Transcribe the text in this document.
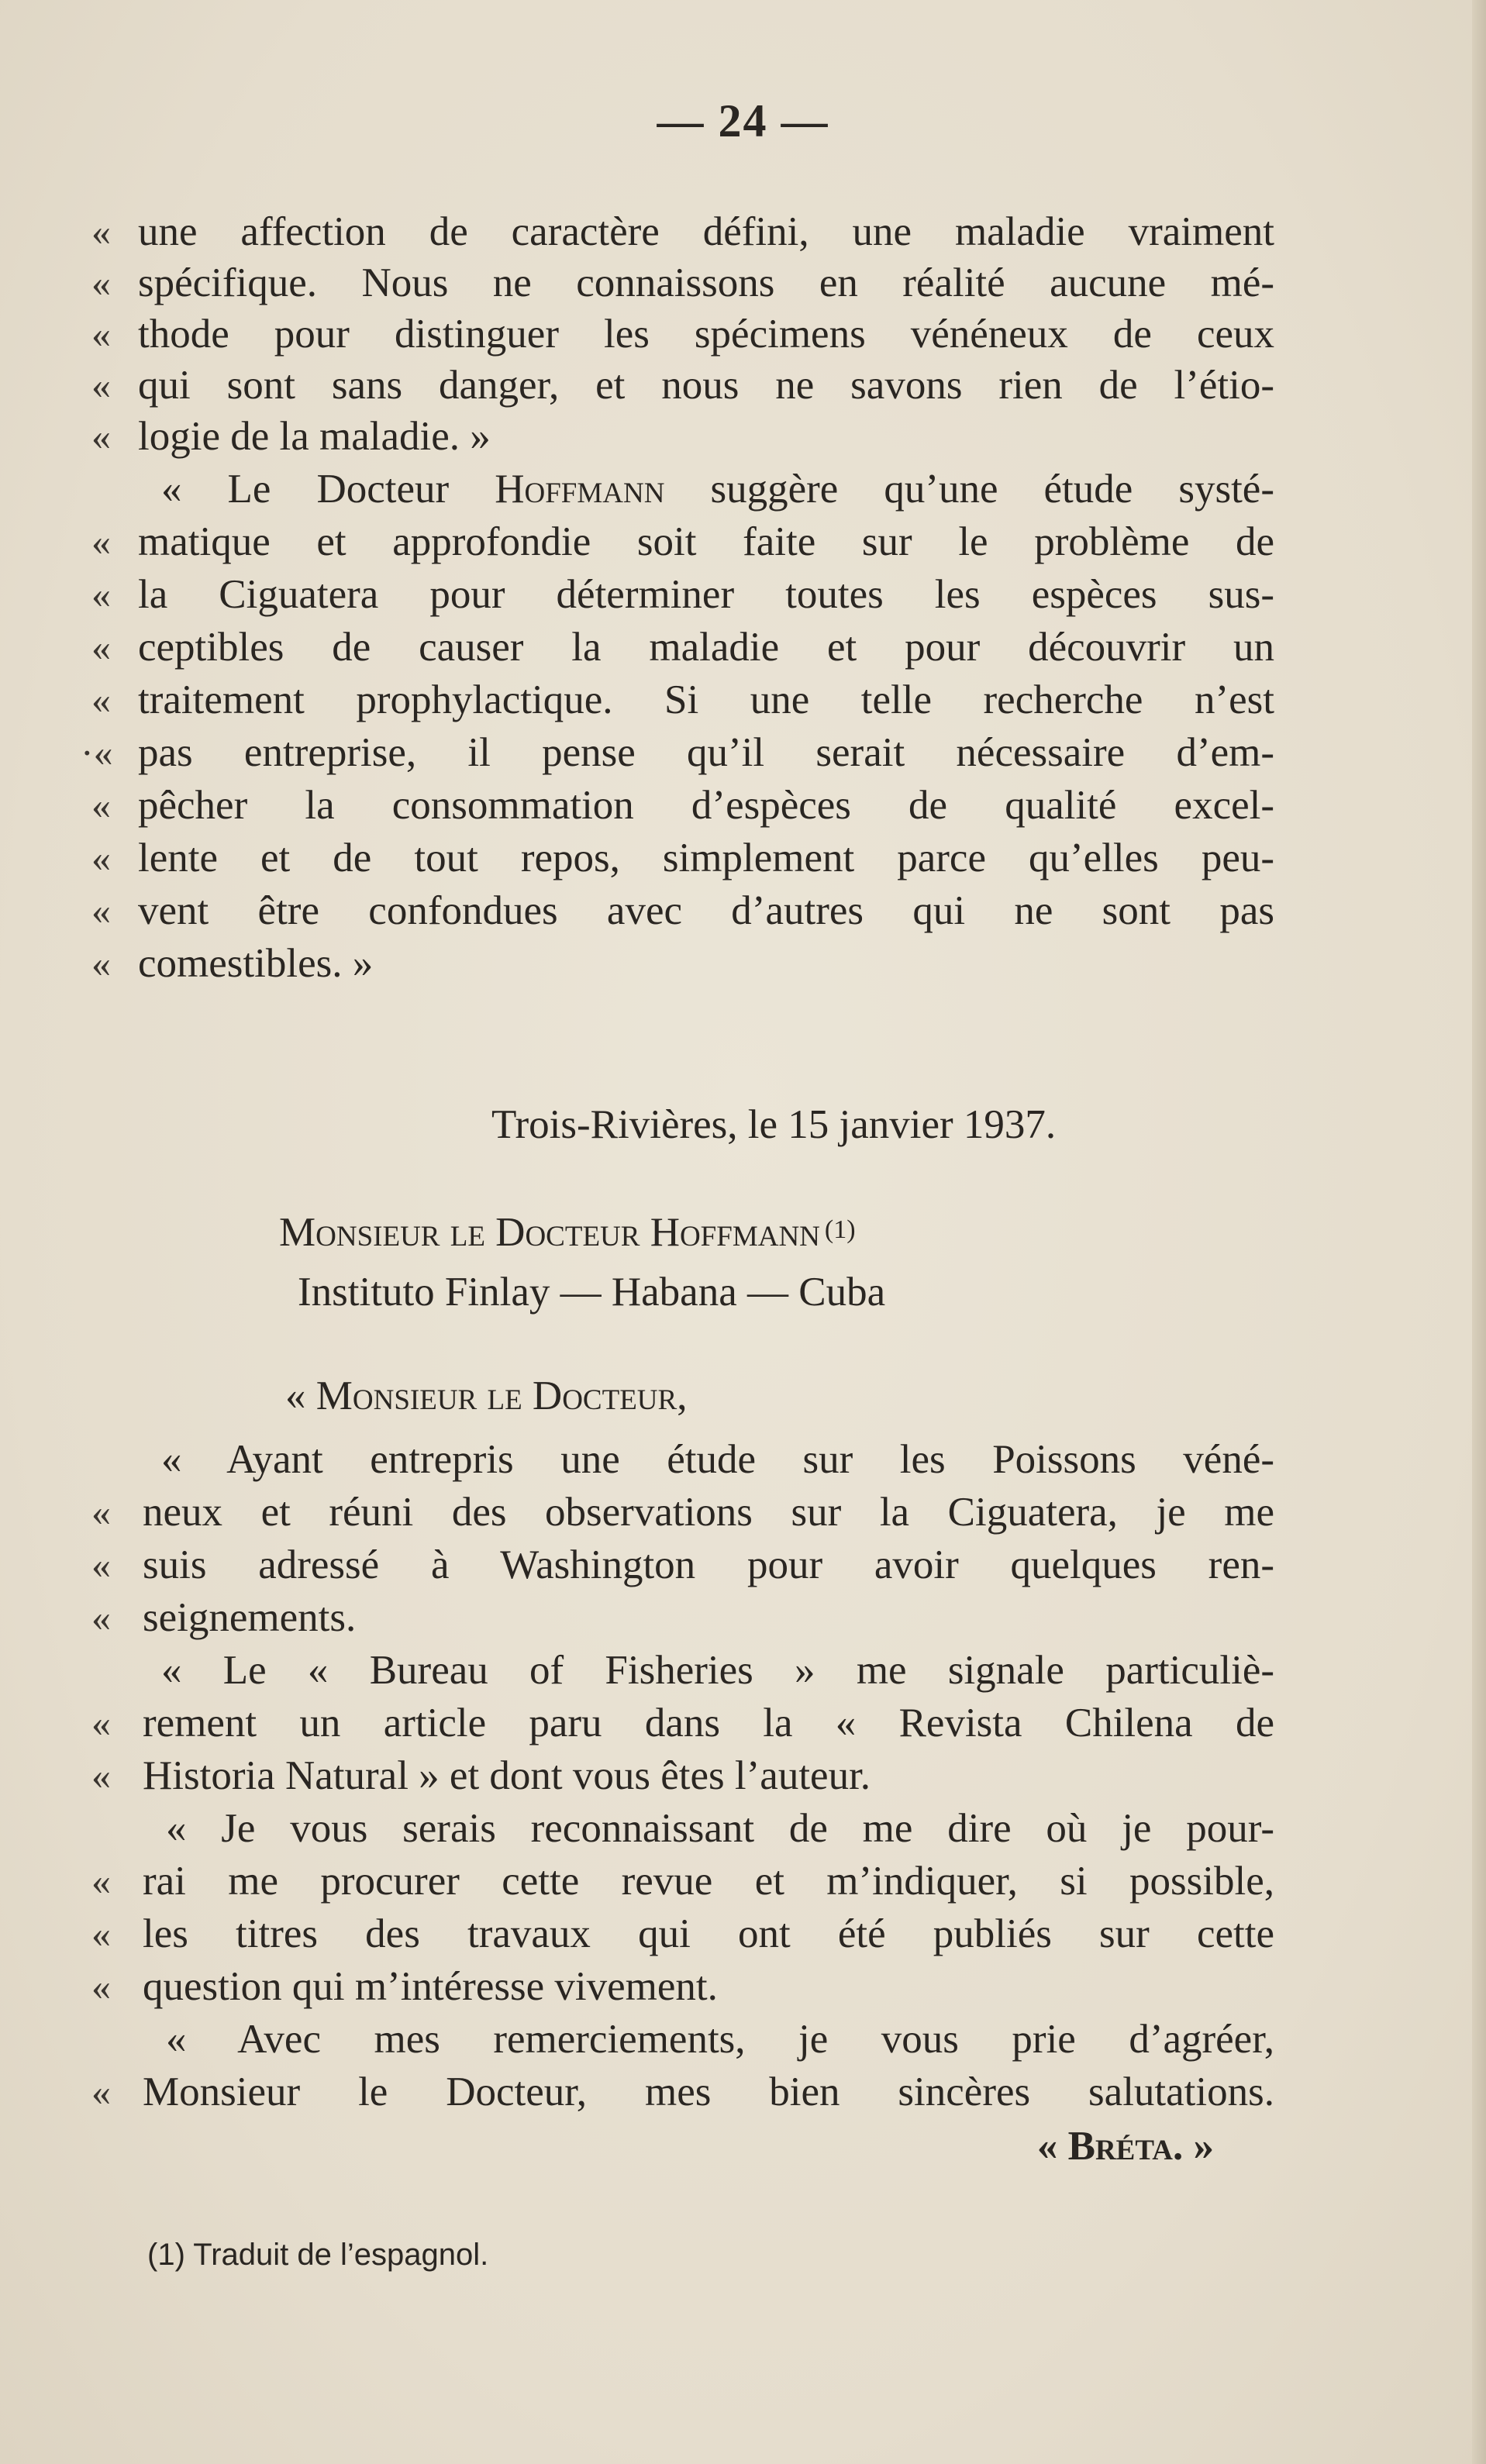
— 24 —
« une affection de caractère défini, une maladie vraiment
« spécifique. Nous ne connaissons en réalité aucune mé-
« thode pour distinguer les spécimens vénéneux de ceux
« qui sont sans danger, et nous ne savons rien de l’étio-
« logie de la maladie. »
« Le Docteur Hoffmann suggère qu’une étude systé-
« matique et approfondie soit faite sur le problème de
« la Ciguatera pour déterminer toutes les espèces sus-
« ceptibles de causer la maladie et pour découvrir un
« traitement prophylactique. Si une telle recherche n’est
·« pas entreprise, il pense qu’il serait nécessaire d’em-
« pêcher la consommation d’espèces de qualité excel-
« lente et de tout repos, simplement parce qu’elles peu-
« vent être confondues avec d’autres qui ne sont pas
« comestibles. »
Trois-Rivières, le 15 janvier 1937.
Monsieur le Docteur Hoffmann (1)
Instituto Finlay — Habana — Cuba
« Monsieur le Docteur,
« Ayant entrepris une étude sur les Poissons véné-
« neux et réuni des observations sur la Ciguatera, je me
« suis adressé à Washington pour avoir quelques ren-
« seignements.
« Le « Bureau of Fisheries » me signale particuliè-
« rement un article paru dans la « Revista Chilena de
« Historia Natural » et dont vous êtes l’auteur.
« Je vous serais reconnaissant de me dire où je pour-
« rai me procurer cette revue et m’indiquer, si possible,
« les titres des travaux qui ont été publiés sur cette
« question qui m’intéresse vivement.
« Avec mes remerciements, je vous prie d’agréer,
« Monsieur le Docteur, mes bien sincères salutations.
« Bréta. »
(1) Traduit de l’espagnol.
